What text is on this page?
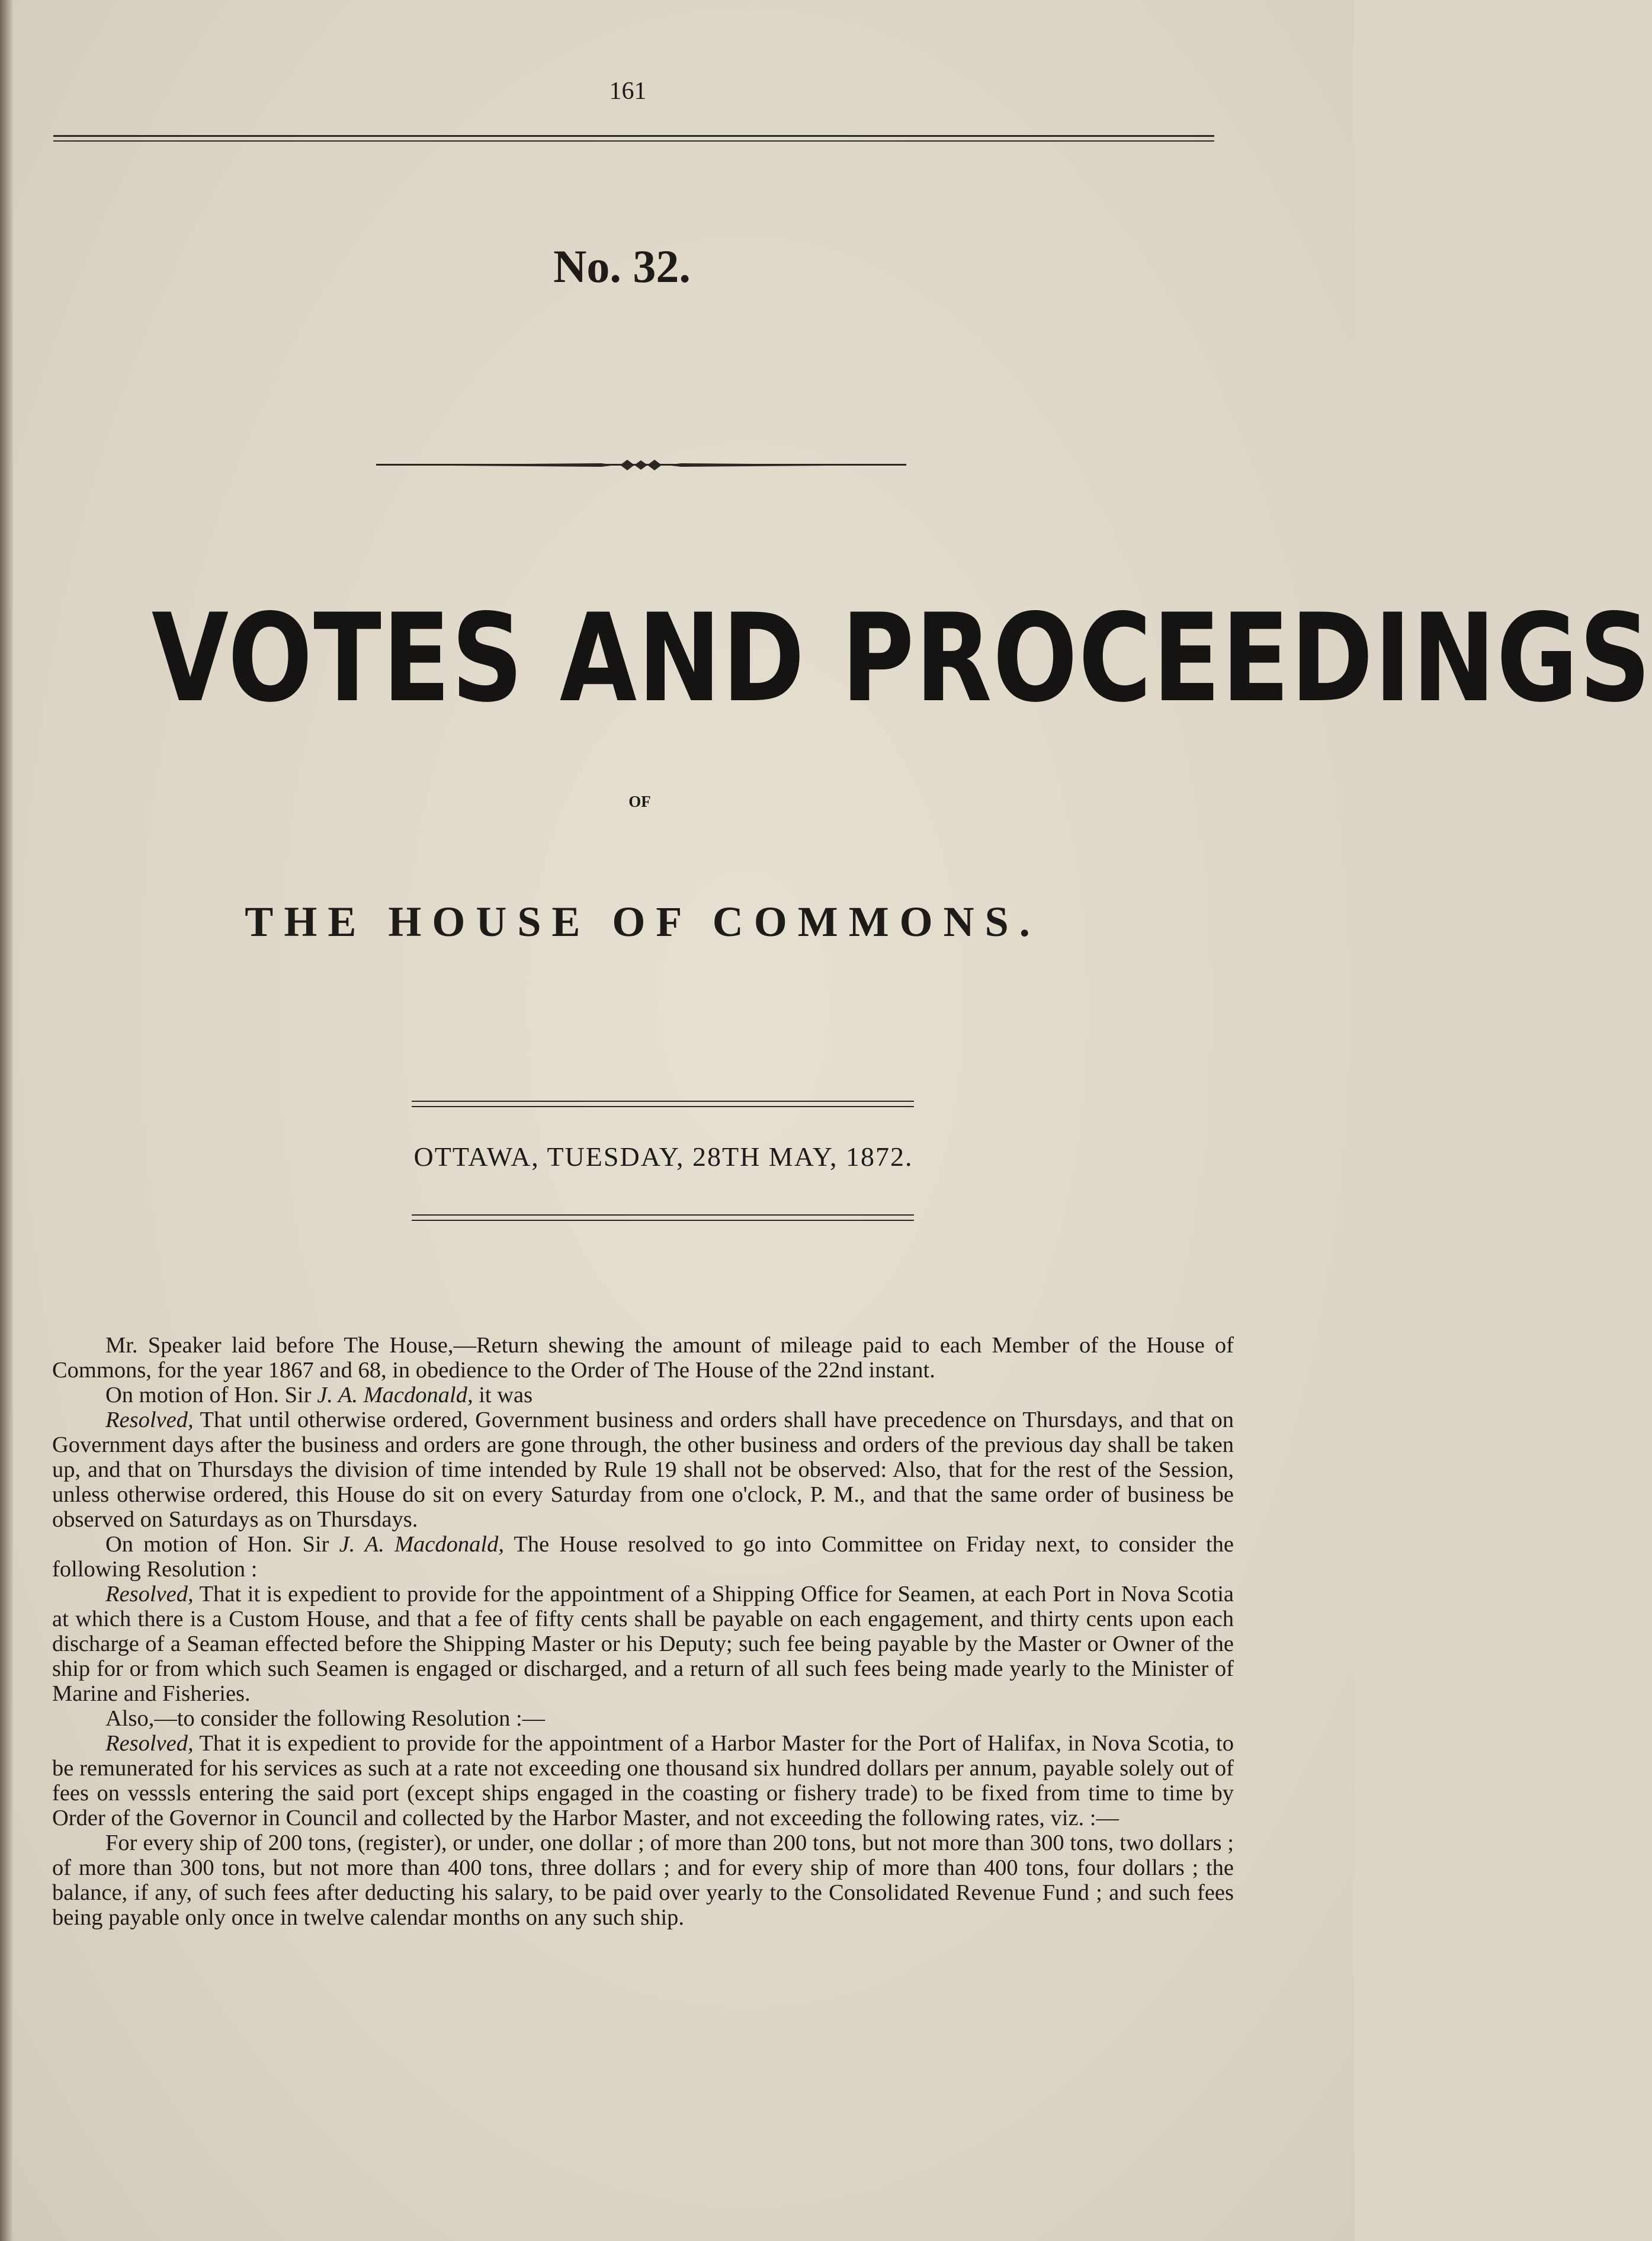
161
No. 32.
VOTES AND PROCEEDINGS
OF
THE HOUSE OF COMMONS.
OTTAWA, TUESDAY, 28TH MAY, 1872.

Mr. Speaker laid before The House,—Return shewing the amount of mileage paid to each Member of the House of Commons, for the year 1867 and 68, in obedience to the Order of The House of the 22nd instant.

On motion of Hon. Sir J. A. Macdonald, it was

Resolved, That until otherwise ordered, Government business and orders shall have precedence on Thursdays, and that on Government days after the business and orders are gone through, the other business and orders of the previous day shall be taken up, and that on Thursdays the division of time intended by Rule 19 shall not be observed: Also, that for the rest of the Session, unless otherwise ordered, this House do sit on every Saturday from one o'clock, P. M., and that the same order of business be observed on Saturdays as on Thursdays.

On motion of Hon. Sir J. A. Macdonald, The House resolved to go into Committee on Friday next, to consider the following Resolution :

Resolved, That it is expedient to provide for the appointment of a Shipping Office for Seamen, at each Port in Nova Scotia at which there is a Custom House, and that a fee of fifty cents shall be payable on each engagement, and thirty cents upon each discharge of a Seaman effected before the Shipping Master or his Deputy; such fee being payable by the Master or Owner of the ship for or from which such Seamen is engaged or discharged, and a return of all such fees being made yearly to the Minister of Marine and Fisheries.

Also,—to consider the following Resolution :—

Resolved, That it is expedient to provide for the appointment of a Harbor Master for the Port of Halifax, in Nova Scotia, to be remunerated for his services as such at a rate not exceeding one thousand six hundred dollars per annum, payable solely out of fees on vesssls entering the said port (except ships engaged in the coasting or fishery trade) to be fixed from time to time by Order of the Governor in Council and collected by the Harbor Master, and not exceeding the following rates, viz. :—

For every ship of 200 tons, (register), or under, one dollar ; of more than 200 tons, but not more than 300 tons, two dollars ; of more than 300 tons, but not more than 400 tons, three dollars ; and for every ship of more than 400 tons, four dollars ; the balance, if any, of such fees after deducting his salary, to be paid over yearly to the Consolidated Revenue Fund ; and such fees being payable only once in twelve calendar months on any such ship.
